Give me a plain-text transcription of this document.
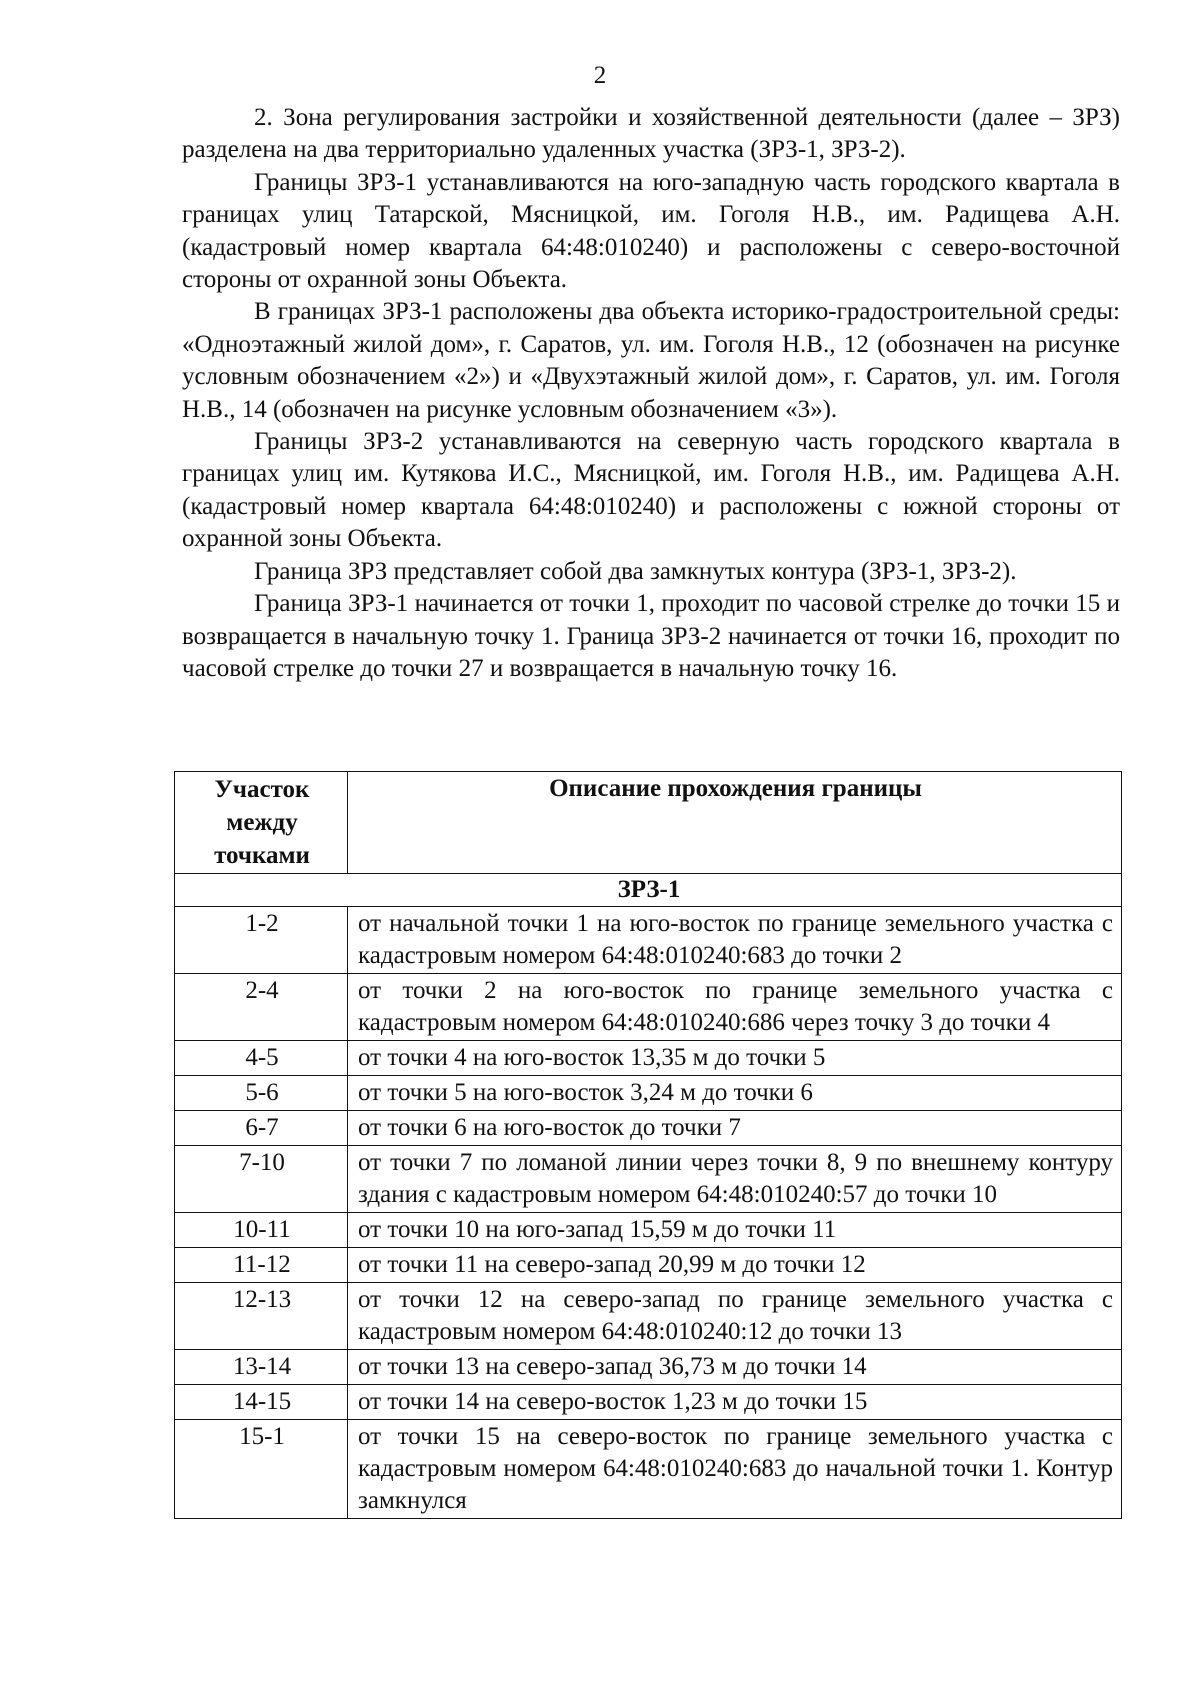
2

2. Зона регулирования застройки и хозяйственной деятельности (далее – ЗРЗ) разделена на два территориально удаленных участка (ЗРЗ-1, ЗРЗ-2).

Границы ЗРЗ-1 устанавливаются на юго-западную часть городского квартала в границах улиц Татарской, Мясницкой, им. Гоголя Н.В., им. Радищева А.Н. (кадастровый номер квартала 64:48:010240) и расположены с северо-восточной стороны от охранной зоны Объекта.

В границах ЗРЗ-1 расположены два объекта историко-градостроительной среды: «Одноэтажный жилой дом», г. Саратов, ул. им. Гоголя Н.В., 12 (обозначен на рисунке условным обозначением «2») и «Двухэтажный жилой дом», г. Саратов, ул. им. Гоголя Н.В., 14 (обозначен на рисунке условным обозначением «3»).

Границы ЗРЗ-2 устанавливаются на северную часть городского квартала в границах улиц им. Кутякова И.С., Мясницкой, им. Гоголя Н.В., им. Радищева А.Н. (кадастровый номер квартала 64:48:010240) и расположены с южной стороны от охранной зоны Объекта.

Граница ЗРЗ представляет собой два замкнутых контура (ЗРЗ-1, ЗРЗ-2).

Граница ЗРЗ-1 начинается от точки 1, проходит по часовой стрелке до точки 15 и возвращается в начальную точку 1. Граница ЗРЗ-2 начинается от точки 16, проходит по часовой стрелке до точки 27 и возвращается в начальную точку 16.

Участок между точками	Описание прохождения границы
ЗРЗ-1	
1-2	от начальной точки 1 на юго-восток по границе земельного участка с кадастровым номером 64:48:010240:683 до точки 2
2-4	от точки 2 на юго-восток по границе земельного участка с кадастровым номером 64:48:010240:686 через точку 3 до точки 4
4-5	от точки 4 на юго-восток 13,35 м до точки 5
5-6	от точки 5 на юго-восток 3,24 м до точки 6
6-7	от точки 6 на юго-восток до точки 7
7-10	от точки 7 по ломаной линии через точки 8, 9 по внешнему контуру здания с кадастровым номером 64:48:010240:57 до точки 10
10-11	от точки 10 на юго-запад 15,59 м до точки 11
11-12	от точки 11 на северо-запад 20,99 м до точки 12
12-13	от точки 12 на северо-запад по границе земельного участка с кадастровым номером 64:48:010240:12 до точки 13
13-14	от точки 13 на северо-запад 36,73 м до точки 14
14-15	от точки 14 на северо-восток 1,23 м до точки 15
15-1	от точки 15 на северо-восток по границе земельного участка с кадастровым номером 64:48:010240:683 до начальной точки 1. Контур замкнулся
